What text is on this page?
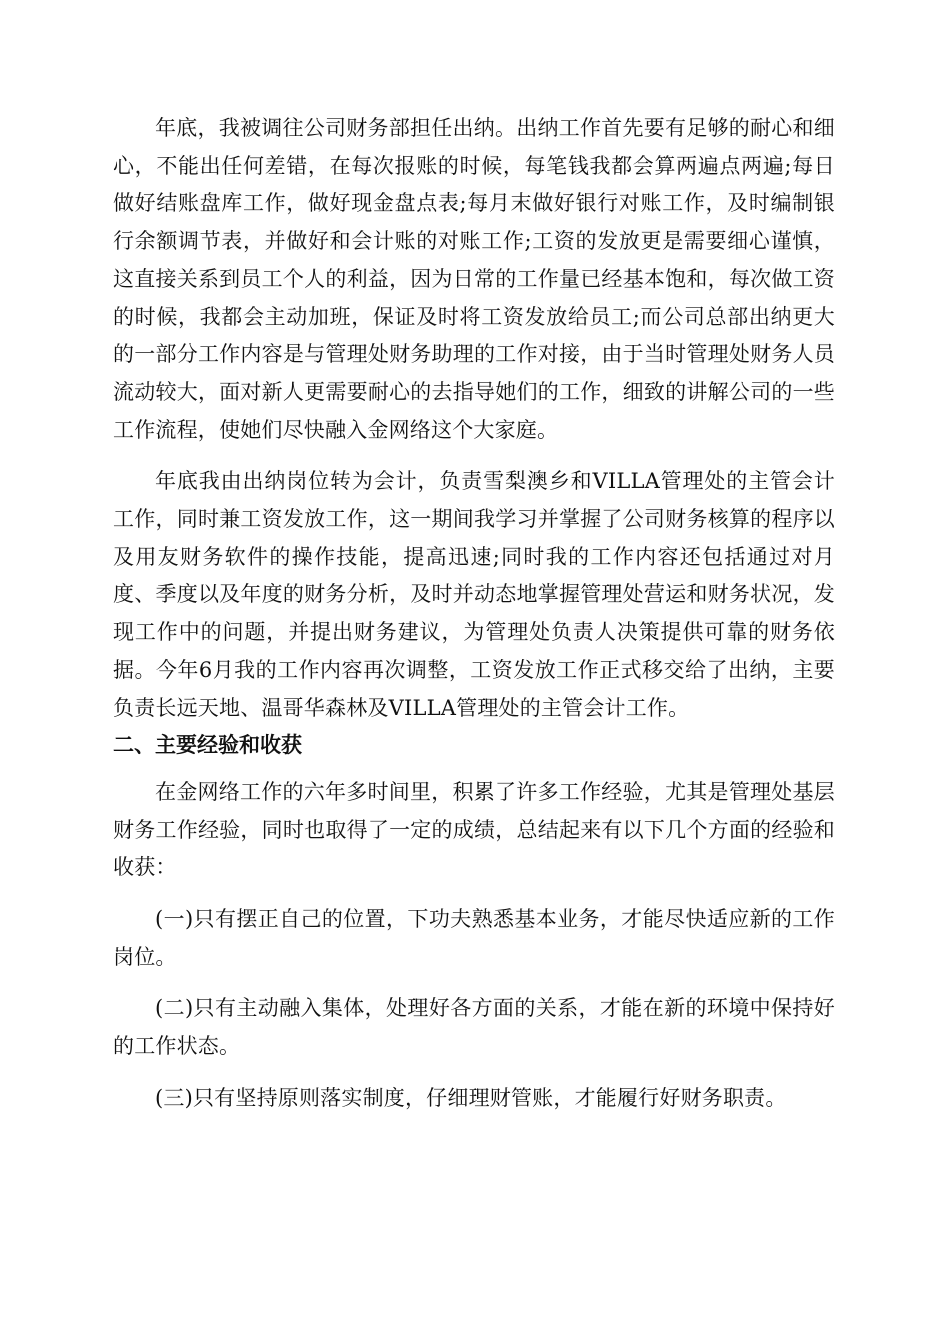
年底，我被调往公司财务部担任出纳。出纳工作首先要有足够的耐心和细心，不能出任何差错，在每次报账的时候，每笔钱我都会算两遍点两遍;每日做好结账盘库工作，做好现金盘点表;每月末做好银行对账工作，及时编制银行余额调节表，并做好和会计账的对账工作;工资的发放更是需要细心谨慎，这直接关系到员工个人的利益，因为日常的工作量已经基本饱和，每次做工资的时候，我都会主动加班，保证及时将工资发放给员工;而公司总部出纳更大的一部分工作内容是与管理处财务助理的工作对接，由于当时管理处财务人员流动较大，面对新人更需要耐心的去指导她们的工作，细致的讲解公司的一些工作流程，使她们尽快融入金网络这个大家庭。

年底我由出纳岗位转为会计，负责雪梨澳乡和VILLA管理处的主管会计工作，同时兼工资发放工作，这一期间我学习并掌握了公司财务核算的程序以及用友财务软件的操作技能，提高迅速;同时我的工作内容还包括通过对月度、季度以及年度的财务分析，及时并动态地掌握管理处营运和财务状况，发现工作中的问题，并提出财务建议，为管理处负责人决策提供可靠的财务依据。今年6月我的工作内容再次调整，工资发放工作正式移交给了出纳，主要负责长远天地、温哥华森林及VILLA管理处的主管会计工作。

二、主要经验和收获

在金网络工作的六年多时间里，积累了许多工作经验，尤其是管理处基层财务工作经验，同时也取得了一定的成绩，总结起来有以下几个方面的经验和收获：

(一)只有摆正自己的位置，下功夫熟悉基本业务，才能尽快适应新的工作岗位。

(二)只有主动融入集体，处理好各方面的关系，才能在新的环境中保持好的工作状态。

(三)只有坚持原则落实制度，仔细理财管账，才能履行好财务职责。
